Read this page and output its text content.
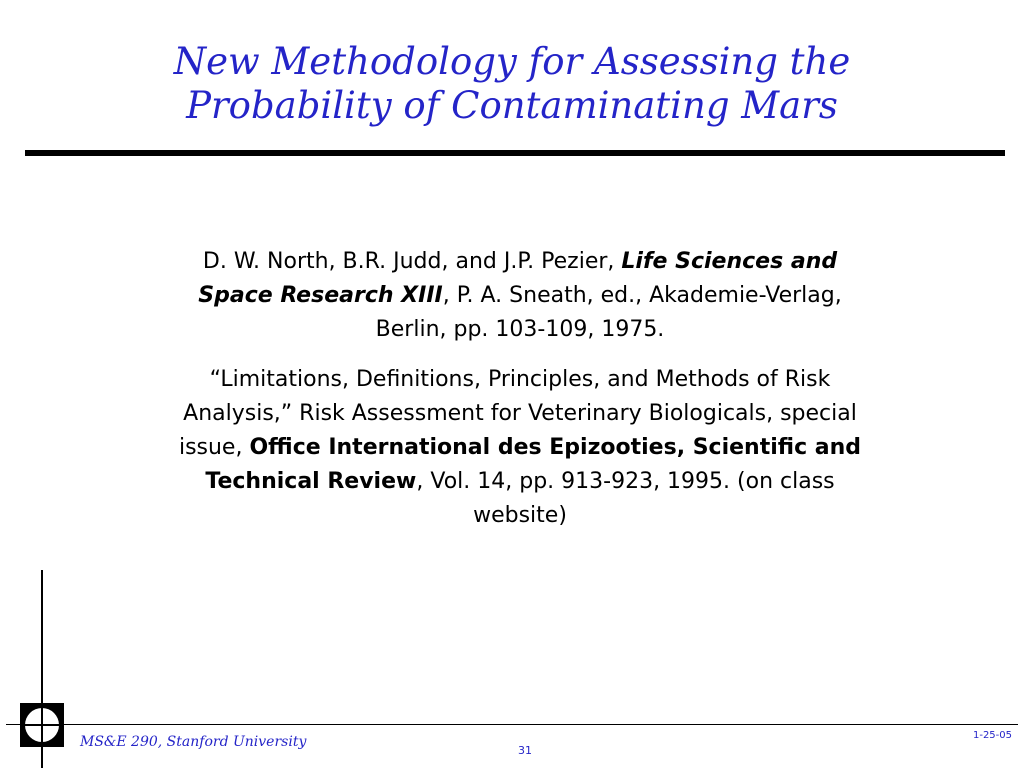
New Methodology for Assessing the
Probability of Contaminating Mars

D. W. North, B.R. Judd, and J.P. Pezier, Life Sciences and Space Research XIII, P. A. Sneath, ed., Akademie-Verlag, Berlin, pp. 103-109, 1975.

“Limitations, Definitions, Principles, and Methods of Risk Analysis,” Risk Assessment for Veterinary Biologicals, special issue, Office International des Epizooties, Scientific and Technical Review, Vol. 14, pp. 913-923, 1995. (on class website)

MS&E 290, Stanford University
31
1-25-05
